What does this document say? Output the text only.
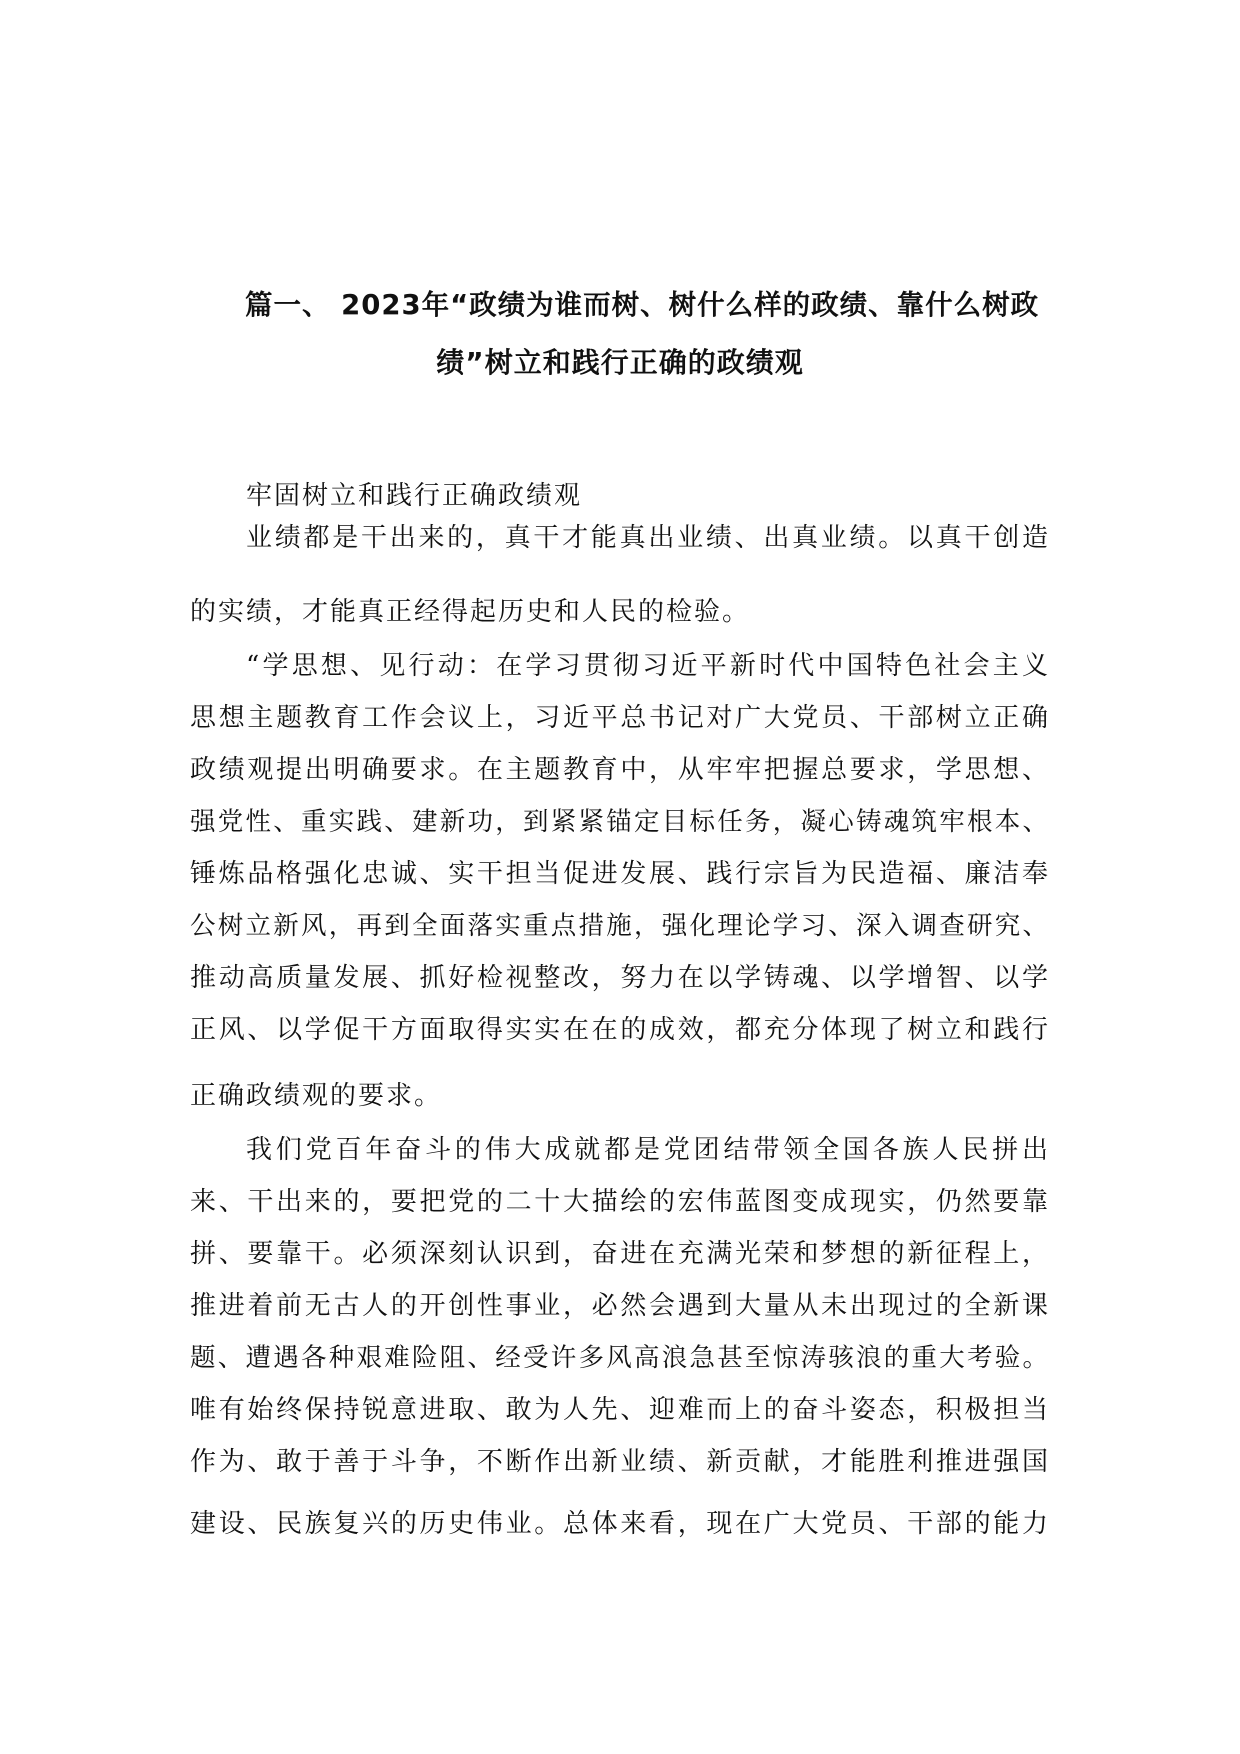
篇一、 2023年“政绩为谁而树、树什么样的政绩、靠什么树政
绩”树立和践行正确的政绩观
牢固树立和践行正确政绩观
业绩都是干出来的，真干才能真出业绩、出真业绩。以真干创造
的实绩，才能真正经得起历史和人民的检验。
“学思想、见行动：在学习贯彻习近平新时代中国特色社会主义
思想主题教育工作会议上，习近平总书记对广大党员、干部树立正确
政绩观提出明确要求。在主题教育中，从牢牢把握总要求，学思想、
强党性、重实践、建新功，到紧紧锚定目标任务，凝心铸魂筑牢根本、
锤炼品格强化忠诚、实干担当促进发展、践行宗旨为民造福、廉洁奉
公树立新风，再到全面落实重点措施，强化理论学习、深入调查研究、
推动高质量发展、抓好检视整改，努力在以学铸魂、以学增智、以学
正风、以学促干方面取得实实在在的成效，都充分体现了树立和践行
正确政绩观的要求。
我们党百年奋斗的伟大成就都是党团结带领全国各族人民拼出
来、干出来的，要把党的二十大描绘的宏伟蓝图变成现实，仍然要靠
拼、要靠干。必须深刻认识到，奋进在充满光荣和梦想的新征程上，
推进着前无古人的开创性事业，必然会遇到大量从未出现过的全新课
题、遭遇各种艰难险阻、经受许多风高浪急甚至惊涛骇浪的重大考验。
唯有始终保持锐意进取、敢为人先、迎难而上的奋斗姿态，积极担当
作为、敢于善于斗争，不断作出新业绩、新贡献，才能胜利推进强国
建设、民族复兴的历史伟业。总体来看，现在广大党员、干部的能力
